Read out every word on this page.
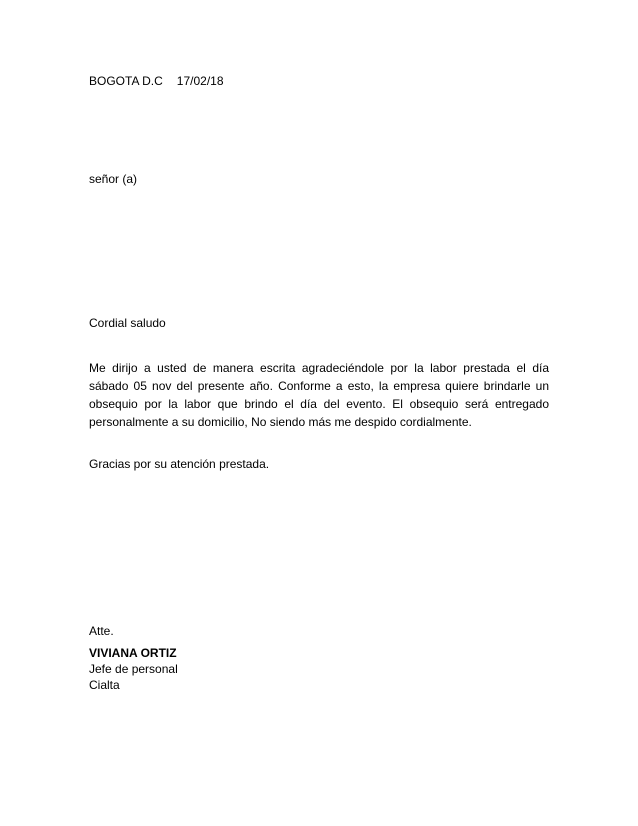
BOGOTA D.C 17/02/18
señor (a)
Cordial saludo
Me dirijo a usted de manera escrita agradeciéndole por la labor prestada el día sábado 05 nov del presente año. Conforme a esto, la empresa quiere brindarle un obsequio por la labor que brindo el día del evento. El obsequio será entregado personalmente a su domicilio, No siendo más me despido cordialmente.
Gracias por su atención prestada.
Atte.
VIVIANA ORTIZ
Jefe de personal
Cialta
